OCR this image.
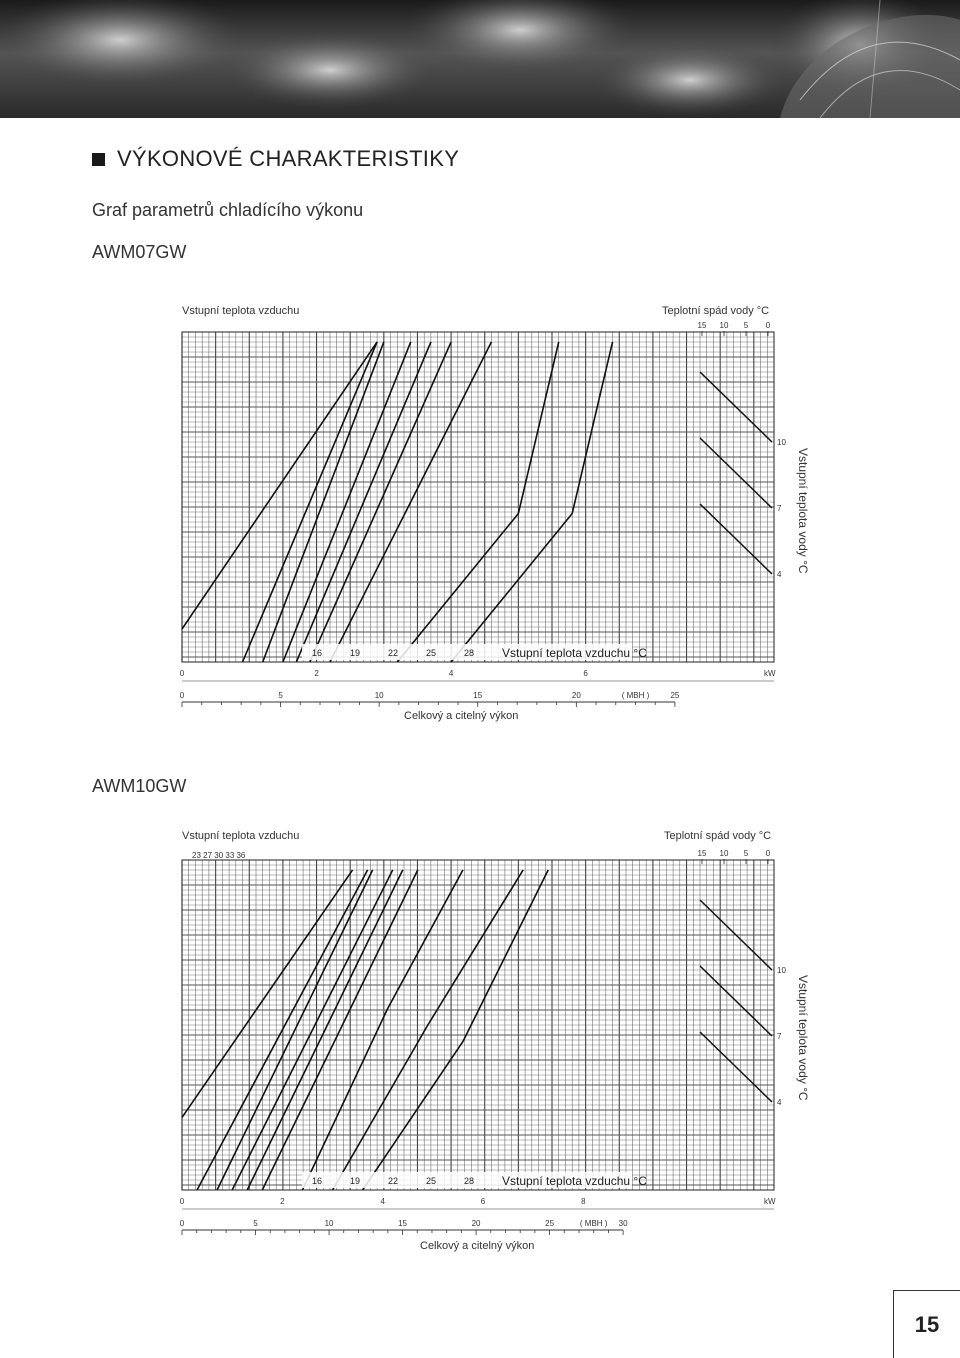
VÝKONOVÉ CHARAKTERISTIKY
Graf parametrů chladícího výkonu
AWM07GW
Vstupní teplota vzduchu	Teplotní spád vody °C
15 10 5 0
10
7
4
16	19	22	25	28 Vstupní teplota vzduchu °C
0	2	4	6	kW
0	5	10	15	20	25
( MBH )
Vstupní teplota vody °C
Celkový a citelný výkon
AWM10GW
Vstupní teplota vzduchu	Teplotní spád vody °C
15 10 5 0
10
7
4
16	19	22	25	28 Vstupní teplota vzduchu °C
23 27 30 33 36
0	2	4	6	8	kW
0	5	10	15	20	25	30
( MBH )
Vstupní teplota vody °C
Celkový a citelný výkon
15
